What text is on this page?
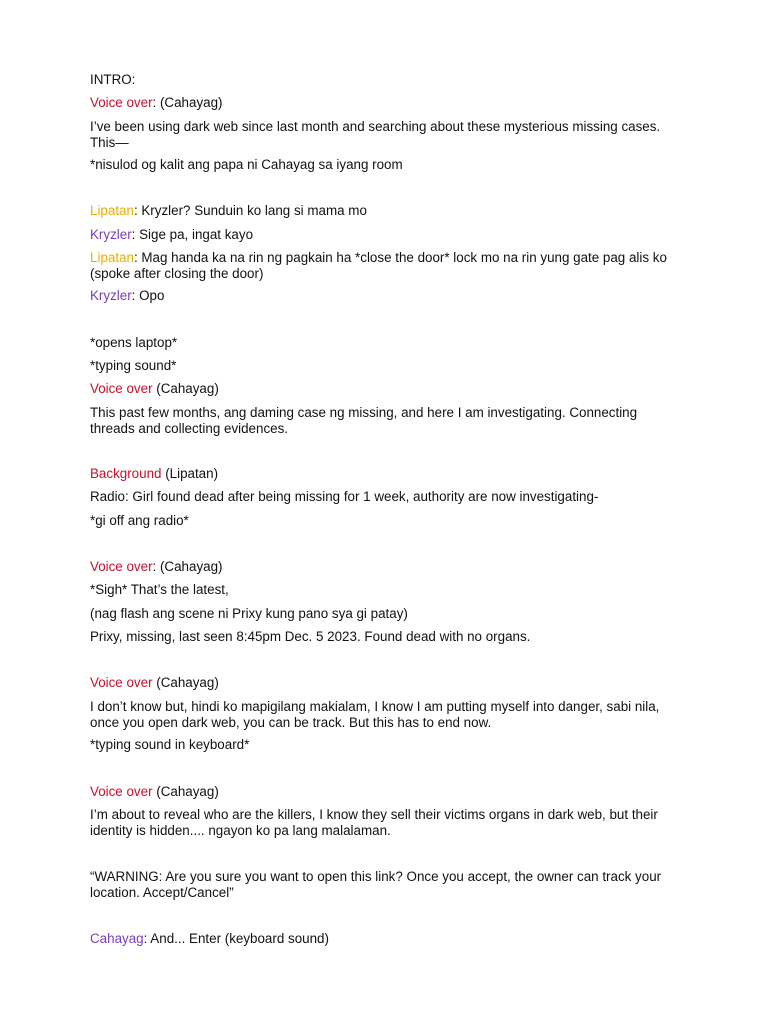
INTRO:
Voice over: (Cahayag)
I’ve been using dark web since last month and searching about these mysterious missing cases. This—
*nisulod og kalit ang papa ni Cahayag sa iyang room
Lipatan: Kryzler? Sunduin ko lang si mama mo
Kryzler: Sige pa, ingat kayo
Lipatan: Mag handa ka na rin ng pagkain ha *close the door* lock mo na rin yung gate pag alis ko (spoke after closing the door)
Kryzler: Opo
*opens laptop*
*typing sound*
Voice over (Cahayag)
This past few months, ang daming case ng missing, and here I am investigating. Connecting threads and collecting evidences.
Background (Lipatan)
Radio: Girl found dead after being missing for 1 week, authority are now investigating-
*gi off ang radio*
Voice over: (Cahayag)
*Sigh* That’s the latest,
(nag flash ang scene ni Prixy kung pano sya gi patay)
Prixy, missing, last seen 8:45pm Dec. 5 2023. Found dead with no organs.
Voice over (Cahayag)
I don’t know but, hindi ko mapigilang makialam, I know I am putting myself into danger, sabi nila, once you open dark web, you can be track. But this has to end now.
*typing sound in keyboard*
Voice over (Cahayag)
I’m about to reveal who are the killers, I know they sell their victims organs in dark web, but their identity is hidden.... ngayon ko pa lang malalaman.
“WARNING: Are you sure you want to open this link? Once you accept, the owner can track your location. Accept/Cancel”
Cahayag: And... Enter (keyboard sound)
